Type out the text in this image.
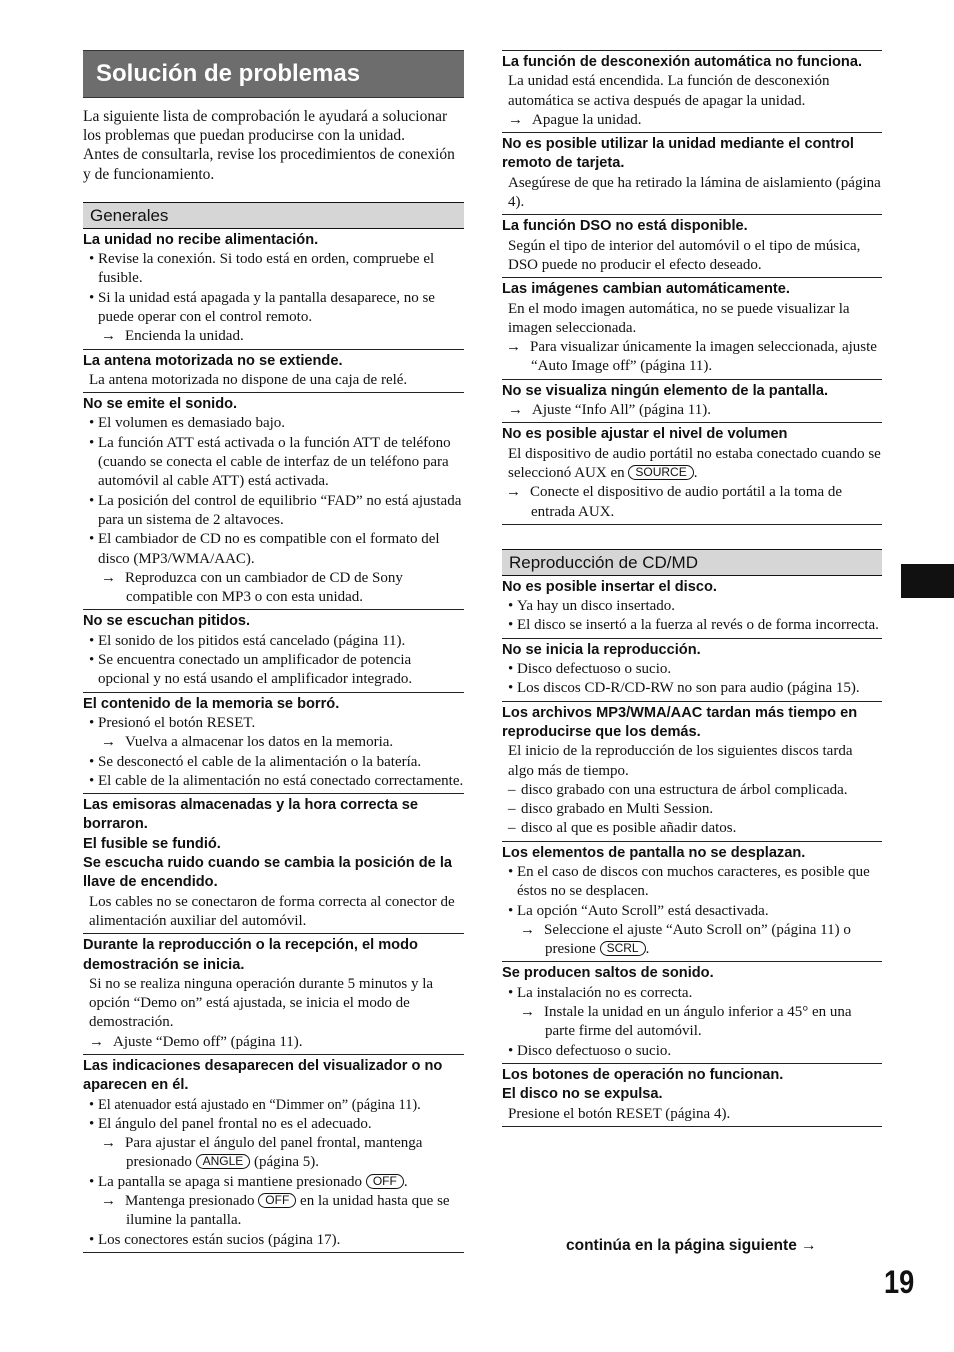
Solución de problemas

La siguiente lista de comprobación le ayudará a solucionar los problemas que puedan producirse con la unidad.

Antes de consultarla, revise los procedimientos de conexión y de funcionamiento.

Generales

La unidad no recibe alimentación.

• Revise la conexión. Si todo está en orden, compruebe el fusible.

• Si la unidad está apagada y la pantalla desaparece, no se puede operar con el control remoto.

→Encienda la unidad.

La antena motorizada no se extiende.

La antena motorizada no dispone de una caja de relé.

No se emite el sonido.

• El volumen es demasiado bajo.

• La función ATT está activada o la función ATT de teléfono (cuando se conecta el cable de interfaz de un teléfono para automóvil al cable ATT) está activada.

• La posición del control de equilibrio “FAD” no está ajustada para un sistema de 2 altavoces.

• El cambiador de CD no es compatible con el formato del disco (MP3/WMA/AAC).

→Reproduzca con un cambiador de CD de Sony compatible con MP3 o con esta unidad.

No se escuchan pitidos.

• El sonido de los pitidos está cancelado (página 11).

• Se encuentra conectado un amplificador de potencia opcional y no está usando el amplificador integrado.

El contenido de la memoria se borró.

• Presionó el botón RESET.

→Vuelva a almacenar los datos en la memoria.

• Se desconectó el cable de la alimentación o la batería.

• El cable de la alimentación no está conectado correctamente.

Las emisoras almacenadas y la hora correcta se borraron.

El fusible se fundió.

Se escucha ruido cuando se cambia la posición de la llave de encendido.

Los cables no se conectaron de forma correcta al conector de alimentación auxiliar del automóvil.

Durante la reproducción o la recepción, el modo demostración se inicia.

Si no se realiza ninguna operación durante 5 minutos y la opción “Demo on” está ajustada, se inicia el modo de demostración.

→Ajuste “Demo off” (página 11).

Las indicaciones desaparecen del visualizador o no aparecen en él.

• El atenuador está ajustado en “Dimmer on” (página 11).

• El ángulo del panel frontal no es el adecuado.

→Para ajustar el ángulo del panel frontal, mantenga presionado ANGLE (página 5).

• La pantalla se apaga si mantiene presionado OFF .

→Mantenga presionado OFF en la unidad hasta que se ilumine la pantalla.

• Los conectores están sucios (página 17).

La función de desconexión automática no funciona.

La unidad está encendida. La función de desconexión automática se activa después de apagar la unidad.

→Apague la unidad.

No es posible utilizar la unidad mediante el control remoto de tarjeta.

Asegúrese de que ha retirado la lámina de aislamiento (página 4).

La función DSO no está disponible.

Según el tipo de interior del automóvil o el tipo de música, DSO puede no producir el efecto deseado.

Las imágenes cambian automáticamente.

En el modo imagen automática, no se puede visualizar la imagen seleccionada.

→Para visualizar únicamente la imagen seleccionada, ajuste “Auto Image off” (página 11).

No se visualiza ningún elemento de la pantalla.

→Ajuste “Info All” (página 11).

No es posible ajustar el nivel de volumen

El dispositivo de audio portátil no estaba conectado cuando se seleccionó AUX en SOURCE .

→Conecte el dispositivo de audio portátil a la toma de entrada AUX.

Reproducción de CD/MD

No es posible insertar el disco.

• Ya hay un disco insertado.

• El disco se insertó a la fuerza al revés o de forma incorrecta.

No se inicia la reproducción.

• Disco defectuoso o sucio.

• Los discos CD-R/CD-RW no son para audio (página 15).

Los archivos MP3/WMA/AAC tardan más tiempo en reproducirse que los demás.

El inicio de la reproducción de los siguientes discos tarda algo más de tiempo.

– disco grabado con una estructura de árbol complicada.

– disco grabado en Multi Session.

– disco al que es posible añadir datos.

Los elementos de pantalla no se desplazan.

• En el caso de discos con muchos caracteres, es posible que éstos no se desplacen.

• La opción “Auto Scroll” está desactivada.

→Seleccione el ajuste “Auto Scroll on” (página 11) o presione SCRL .

Se producen saltos de sonido.

• La instalación no es correcta.

→Instale la unidad en un ángulo inferior a 45° en una parte firme del automóvil.

• Disco defectuoso o sucio.

Los botones de operación no funcionan.

El disco no se expulsa.

Presione el botón RESET (página 4).

continúa en la página siguiente →
19
